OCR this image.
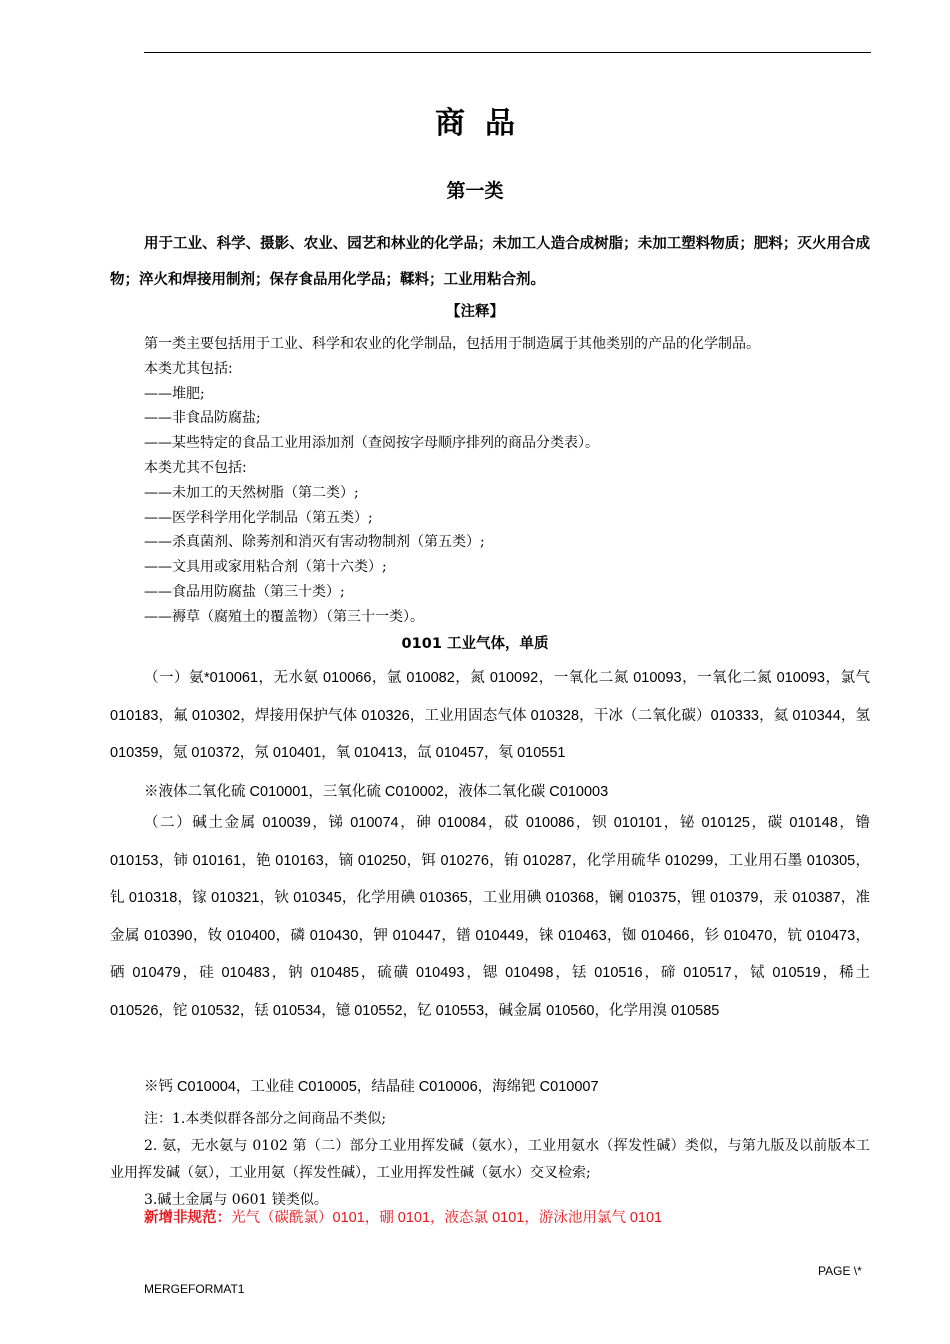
商品
第一类
用于工业、科学、摄影、农业、园艺和林业的化学品；未加工人造合成树脂；未加工塑料物质；肥料；灭火用合成物；淬火和焊接用制剂；保存食品用化学品；鞣料；工业用粘合剂。
【注释】

第一类主要包括用于工业、科学和农业的化学制品，包括用于制造属于其他类别的产品的化学制品。

本类尤其包括:

——堆肥;

——非食品防腐盐;

——某些特定的食品工业用添加剂（查阅按字母顺序排列的商品分类表）。

本类尤其不包括:

——未加工的天然树脂（第二类）;

——医学科学用化学制品（第五类）;

——杀真菌剂、除莠剂和消灭有害动物制剂（第五类）;

——文具用或家用粘合剂（第十六类）;

——食品用防腐盐（第三十类）;

——褥草（腐殖土的覆盖物）（第三十一类）。

0101 工业气体，单质
（一）氨*010061，无水氨 010066，氩 010082，氮 010092，一氧化二氮 010093，一氧化二氮 010093，氯气 010183，氟 010302，焊接用保护气体 010326，工业用固态气体 010328，干冰（二氧化碳）010333，氦 010344，氢 010359，氪 010372，氖 010401，氧 010413，氙 010457，氡 010551
※液体二氧化硫 C010001，三氧化硫 C010002，液体二氧化碳 C010003
（二）碱土金属 010039，锑 010074，砷 010084，砹 010086，钡 010101，铋 010125，碳 010148，镥 010153，铈 010161，铯 010163，镝 010250，铒 010276，铕 010287，化学用硫华 010299，工业用石墨 010305，钆 010318，镓 010321，钬 010345，化学用碘 010365，工业用碘 010368，镧 010375，锂 010379，汞 010387，准金属 010390，钕 010400，磷 010430，钾 010447，镨 010449，铼 010463，铷 010466，钐 010470，钪 010473，硒 010479，硅 010483，钠 010485，硫磺 010493，锶 010498，铥 010516，碲 010517，铽 010519，稀土 010526，铊 010532，铥 010534，镱 010552，钇 010553，碱金属 010560，化学用溴 010585
※钙 C010004，工业硅 C010005，结晶硅 C010006，海绵钯 C010007

注：1.本类似群各部分之间商品不类似;

2. 氨，无水氨与 0102 第（二）部分工业用挥发碱（氨水），工业用氨水（挥发性碱）类似，与第九版及以前版本工业用挥发碱（氨），工业用氨（挥发性碱），工业用挥发性碱（氨水）交叉检索;

3.碱土金属与 0601 镁类似。

新增非规范：光气（碳酰氯）0101，硼 0101，液态氯 0101，游泳池用氯气 0101
PAGE \*
MERGEFORMAT1
